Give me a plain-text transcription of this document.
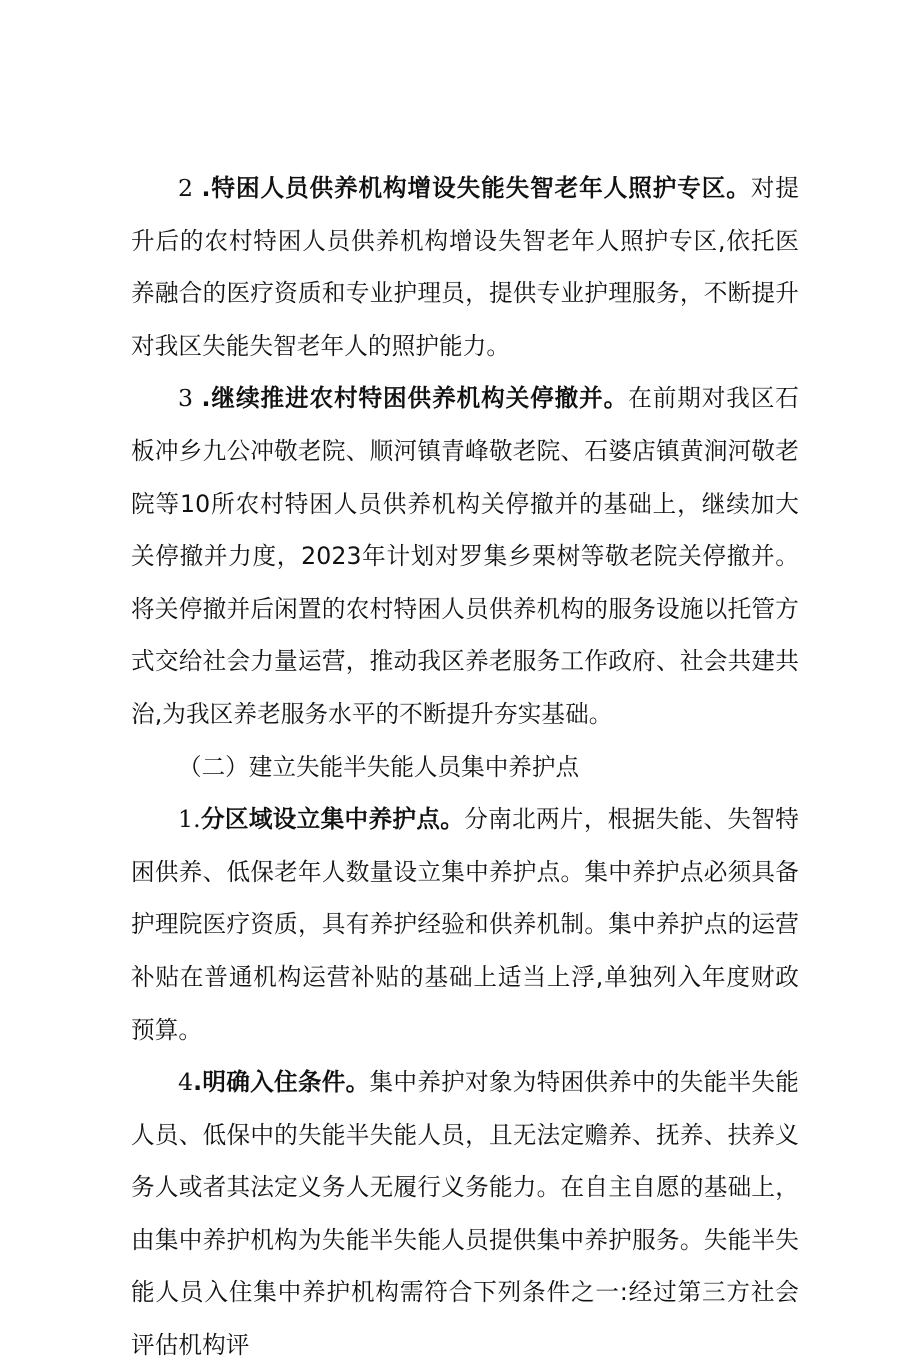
2 .特困人员供养机构增设失能失智老年人照护专区。对提升后的农村特困人员供养机构增设失智老年人照护专区,依托医养融合的医疗资质和专业护理员，提供专业护理服务，不断提升对我区失能失智老年人的照护能力。

3 .继续推进农村特困供养机构关停撤并。在前期对我区石板冲乡九公冲敬老院、顺河镇青峰敬老院、石婆店镇黄涧河敬老院等10所农村特困人员供养机构关停撤并的基础上，继续加大关停撤并力度，2023年计划对罗集乡栗树等敬老院关停撤并。将关停撤并后闲置的农村特困人员供养机构的服务设施以托管方式交给社会力量运营，推动我区养老服务工作政府、社会共建共治,为我区养老服务水平的不断提升夯实基础。

（二）建立失能半失能人员集中养护点

1.分区域设立集中养护点。分南北两片，根据失能、失智特困供养、低保老年人数量设立集中养护点。集中养护点必须具备护理院医疗资质，具有养护经验和供养机制。集中养护点的运营补贴在普通机构运营补贴的基础上适当上浮,单独列入年度财政预算。

4.明确入住条件。集中养护对象为特困供养中的失能半失能人员、低保中的失能半失能人员，且无法定赡养、抚养、扶养义务人或者其法定义务人无履行义务能力。在自主自愿的基础上，由集中养护机构为失能半失能人员提供集中养护服务。失能半失能人员入住集中养护机构需符合下列条件之一:经过第三方社会评估机构评
